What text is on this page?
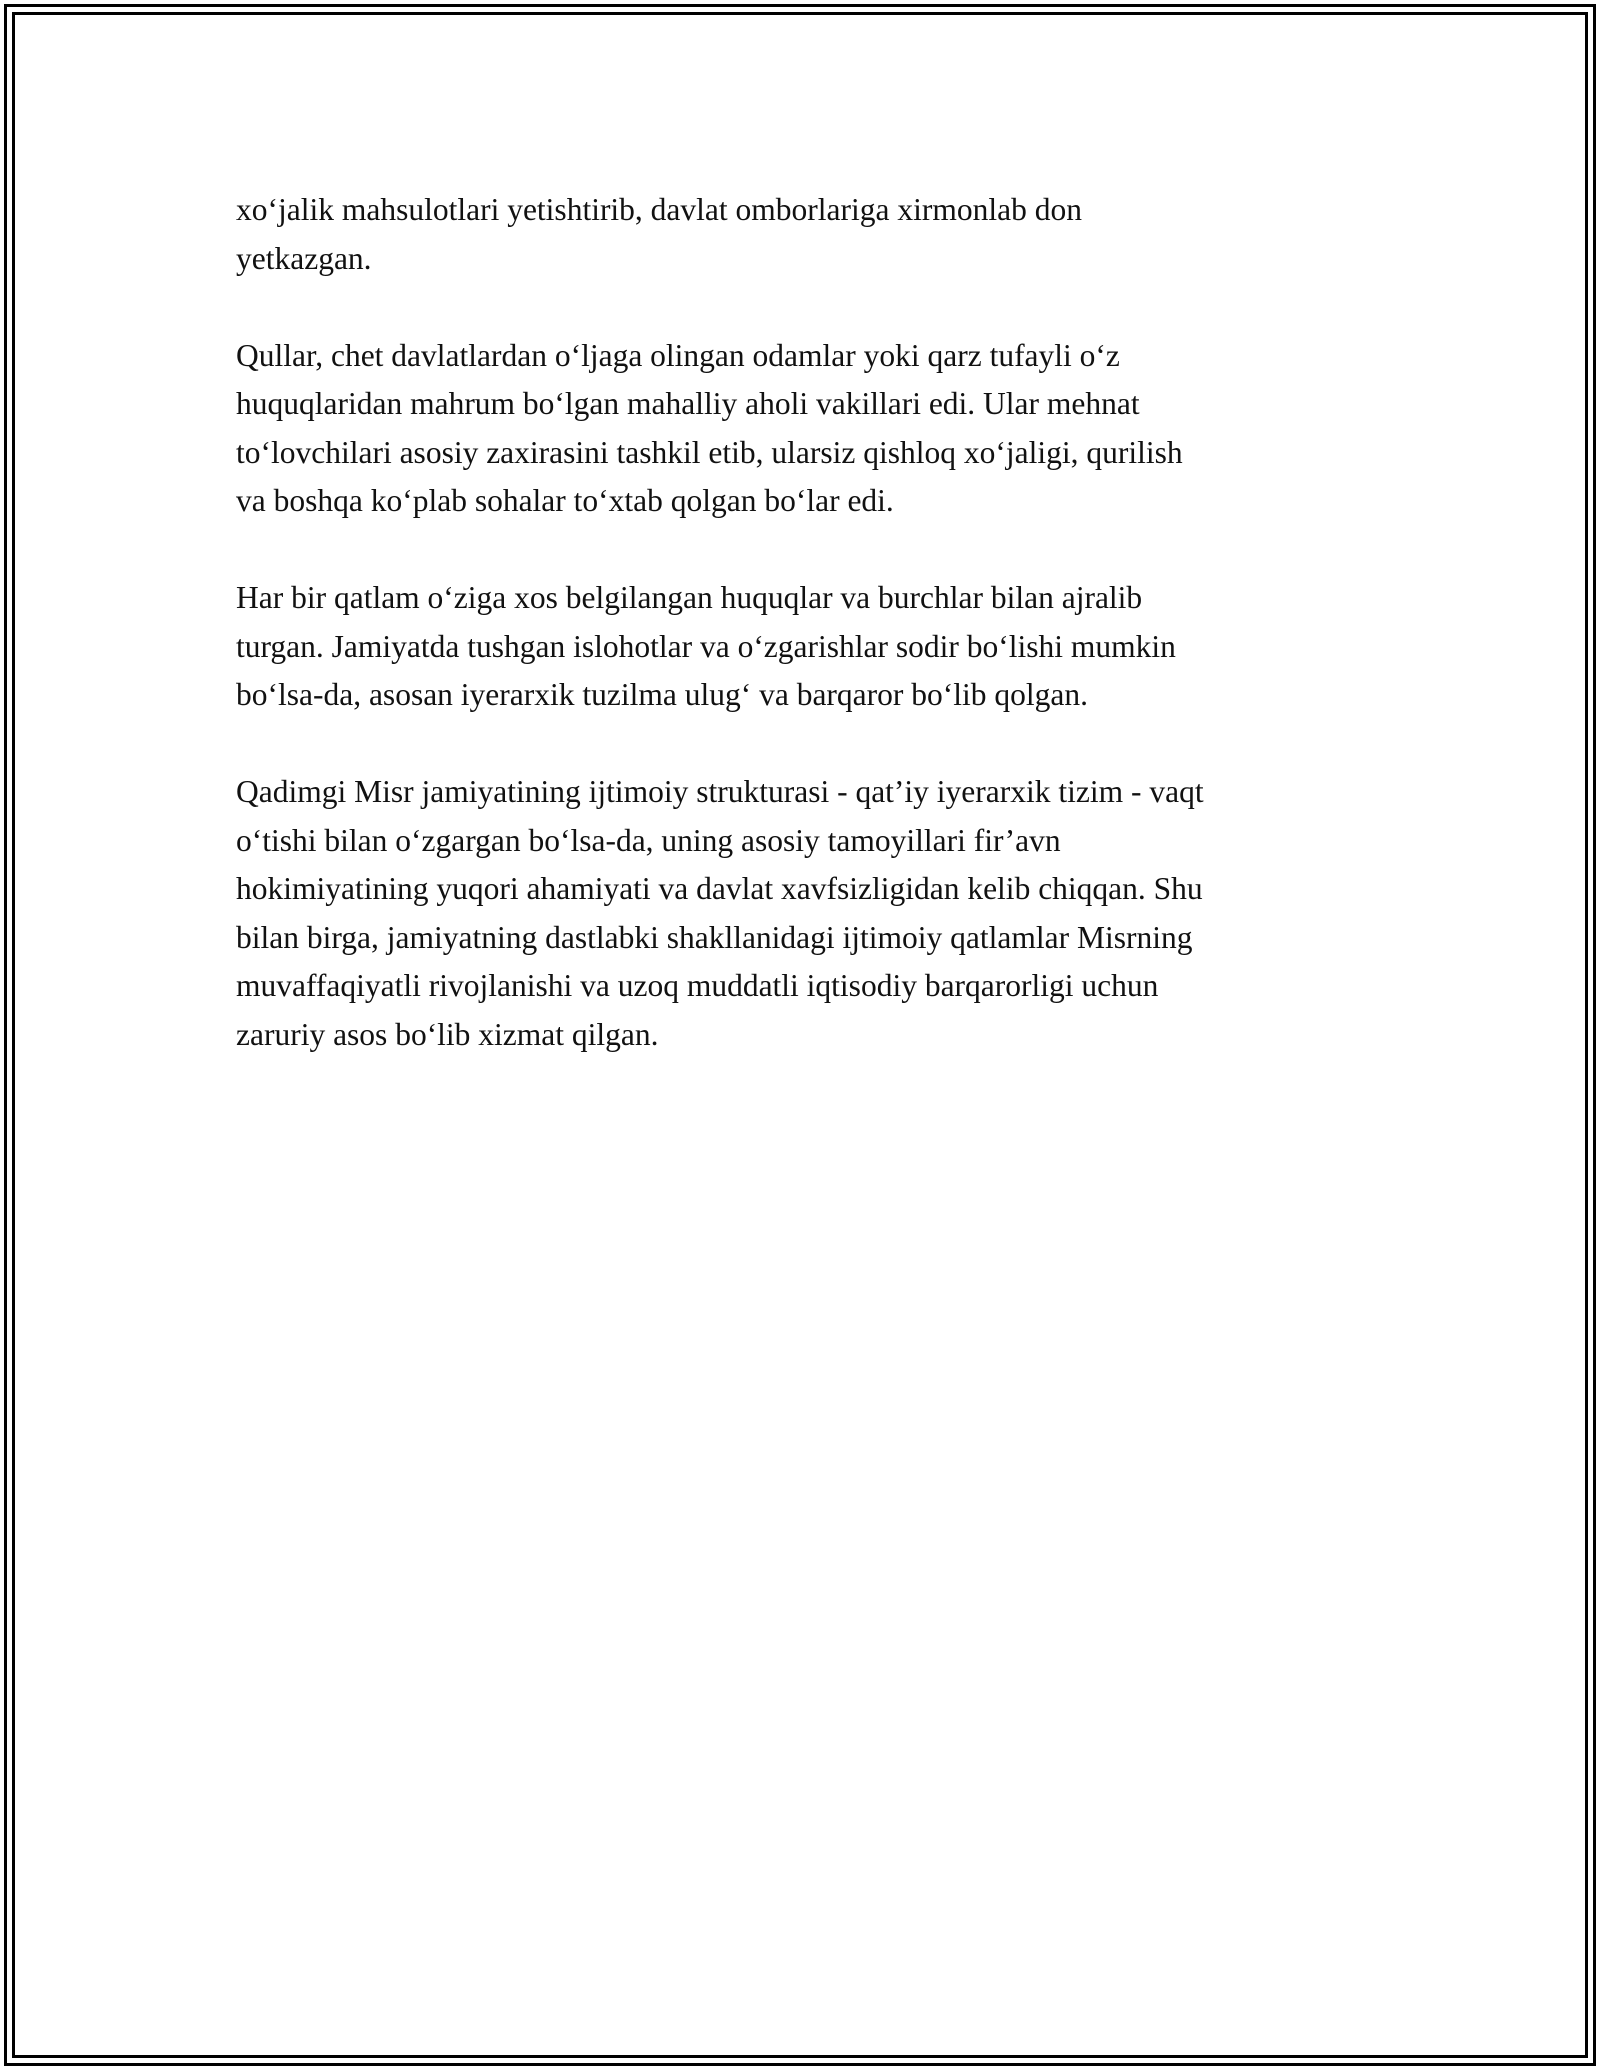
xo‘jalik mahsulotlari yetishtirib, davlat omborlariga xirmonlab don
yetkazgan.

Qullar, chet davlatlardan o‘ljaga olingan odamlar yoki qarz tufayli o‘z
huquqlaridan mahrum bo‘lgan mahalliy aholi vakillari edi. Ular mehnat
to‘lovchilari asosiy zaxirasini tashkil etib, ularsiz qishloq xo‘jaligi, qurilish
va boshqa ko‘plab sohalar to‘xtab qolgan bo‘lar edi.

Har bir qatlam o‘ziga xos belgilangan huquqlar va burchlar bilan ajralib
turgan. Jamiyatda tushgan islohotlar va o‘zgarishlar sodir bo‘lishi mumkin
bo‘lsa-da, asosan iyerarxik tuzilma ulug‘ va barqaror bo‘lib qolgan.

Qadimgi Misr jamiyatining ijtimoiy strukturasi - qat’iy iyerarxik tizim - vaqt
o‘tishi bilan o‘zgargan bo‘lsa-da, uning asosiy tamoyillari fir’avn
hokimiyatining yuqori ahamiyati va davlat xavfsizligidan kelib chiqqan. Shu
bilan birga, jamiyatning dastlabki shakllanidagi ijtimoiy qatlamlar Misrning
muvaffaqiyatli rivojlanishi va uzoq muddatli iqtisodiy barqarorligi uchun
zaruriy asos bo‘lib xizmat qilgan.
